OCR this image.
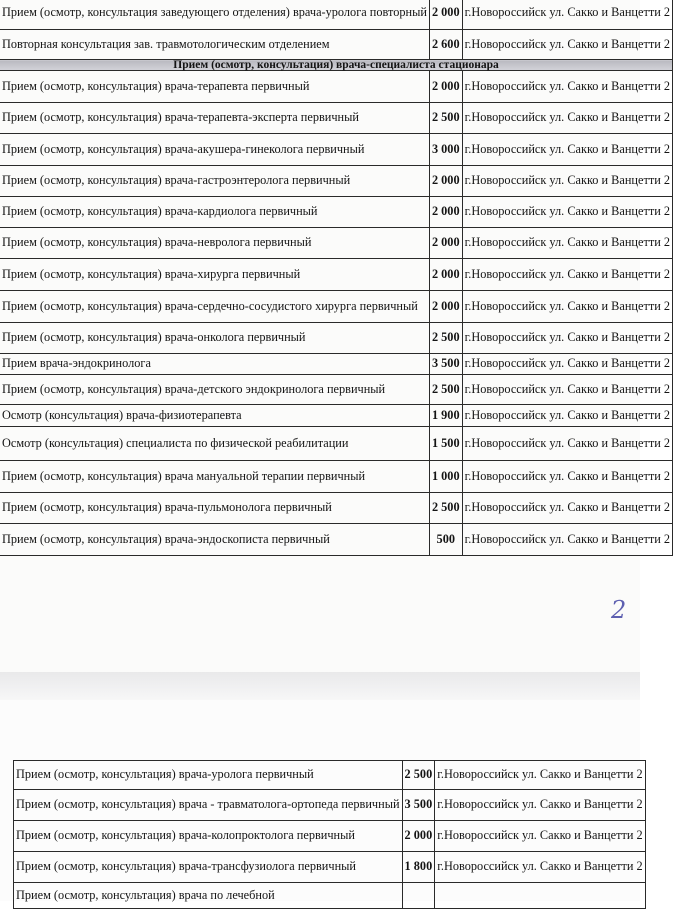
Прием (осмотр, консультация заведующего отделения) врача-уролога повторный	2 000	г.Новороссийск ул. Сакко и Ванцетти 2
Повторная консультация зав. травмотологическим отделением	2 600	г.Новороссийск ул. Сакко и Ванцетти 2
Прием (осмотр, консультация) врача-специалиста стационара		
Прием (осмотр, консультация) врача-терапевта первичный	2 000	г.Новороссийск ул. Сакко и Ванцетти 2
Прием (осмотр, консультация) врача-терапевта-эксперта первичный	2 500	г.Новороссийск ул. Сакко и Ванцетти 2
Прием (осмотр, консультация) врача-акушера-гинеколога первичный	3 000	г.Новороссийск ул. Сакко и Ванцетти 2
Прием (осмотр, консультация) врача-гастроэнтеролога первичный	2 000	г.Новороссийск ул. Сакко и Ванцетти 2
Прием (осмотр, консультация) врача-кардиолога первичный	2 000	г.Новороссийск ул. Сакко и Ванцетти 2
Прием (осмотр, консультация) врача-невролога первичный	2 000	г.Новороссийск ул. Сакко и Ванцетти 2
Прием (осмотр, консультация) врача-хирурга первичный	2 000	г.Новороссийск ул. Сакко и Ванцетти 2
Прием (осмотр, консультация) врача-сердечно-сосудистого хирурга первичный	2 000	г.Новороссийск ул. Сакко и Ванцетти 2
Прием (осмотр, консультация) врача-онколога первичный	2 500	г.Новороссийск ул. Сакко и Ванцетти 2
Прием врача-эндокринолога	3 500	г.Новороссийск ул. Сакко и Ванцетти 2
Прием (осмотр, консультация) врача-детского эндокринолога первичный	2 500	г.Новороссийск ул. Сакко и Ванцетти 2
Осмотр (консультация) врача-физиотерапевта	1 900	г.Новороссийск ул. Сакко и Ванцетти 2
Осмотр (консультация) специалиста по физической реабилитации	1 500	г.Новороссийск ул. Сакко и Ванцетти 2
Прием (осмотр, консультация) врача мануальной терапии первичный	1 000	г.Новороссийск ул. Сакко и Ванцетти 2
Прием (осмотр, консультация) врача-пульмонолога первичный	2 500	г.Новороссийск ул. Сакко и Ванцетти 2
Прием (осмотр, консультация) врача-эндоскописта первичный	500	г.Новороссийск ул. Сакко и Ванцетти 2
2
Прием (осмотр, консультация) врача-уролога первичный	2 500	г.Новороссийск ул. Сакко и Ванцетти 2
Прием (осмотр, консультация) врача - травматолога-ортопеда первичный	3 500	г.Новороссийск ул. Сакко и Ванцетти 2
Прием (осмотр, консультация) врача-колопроктолога первичный	2 000	г.Новороссийск ул. Сакко и Ванцетти 2
Прием (осмотр, консультация) врача-трансфузиолога первичный	1 800	г.Новороссийск ул. Сакко и Ванцетти 2
Прием (осмотр, консультация) врача по лечебной		
